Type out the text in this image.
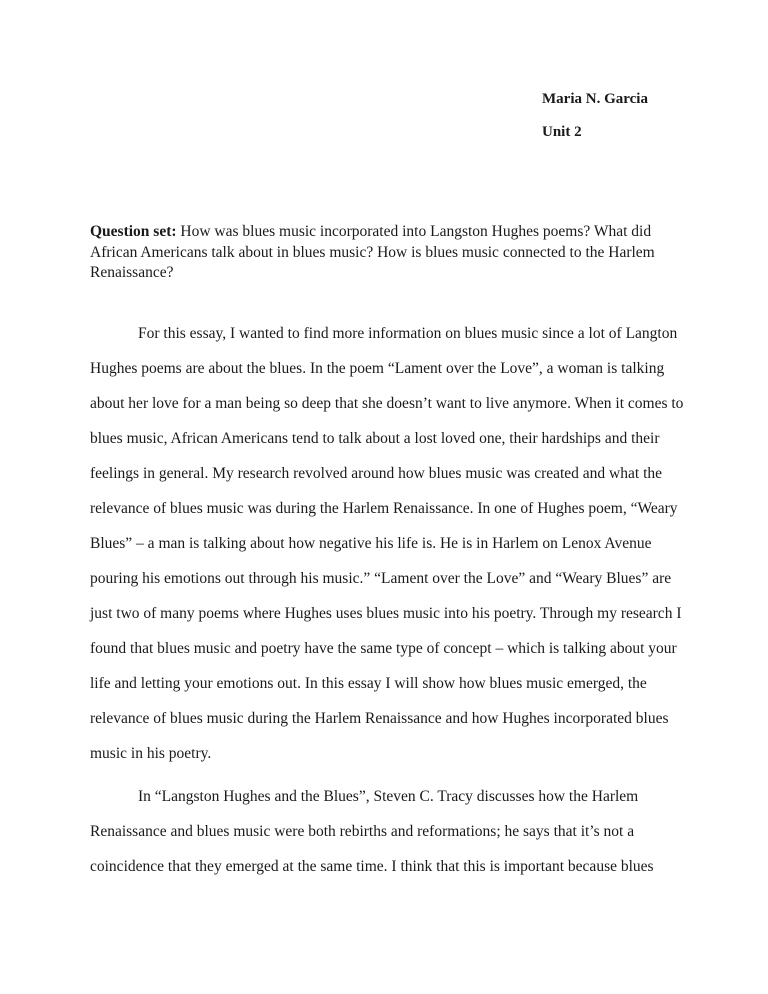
Maria N. Garcia
Unit 2
Question set: How was blues music incorporated into Langston Hughes poems? What did
African Americans talk about in blues music? How is blues music connected to the Harlem
Renaissance?
For this essay, I wanted to find more information on blues music since a lot of Langton
Hughes poems are about the blues. In the poem “Lament over the Love”, a woman is talking
about her love for a man being so deep that she doesn’t want to live anymore. When it comes to
blues music, African Americans tend to talk about a lost loved one, their hardships and their
feelings in general. My research revolved around how blues music was created and what the
relevance of blues music was during the Harlem Renaissance. In one of Hughes poem, “Weary
Blues” – a man is talking about how negative his life is. He is in Harlem on Lenox Avenue
pouring his emotions out through his music.” “Lament over the Love” and “Weary Blues” are
just two of many poems where Hughes uses blues music into his poetry. Through my research I
found that blues music and poetry have the same type of concept – which is talking about your
life and letting your emotions out. In this essay I will show how blues music emerged, the
relevance of blues music during the Harlem Renaissance and how Hughes incorporated blues
music in his poetry.
In “Langston Hughes and the Blues”, Steven C. Tracy discusses how the Harlem
Renaissance and blues music were both rebirths and reformations; he says that it’s not a
coincidence that they emerged at the same time. I think that this is important because blues
